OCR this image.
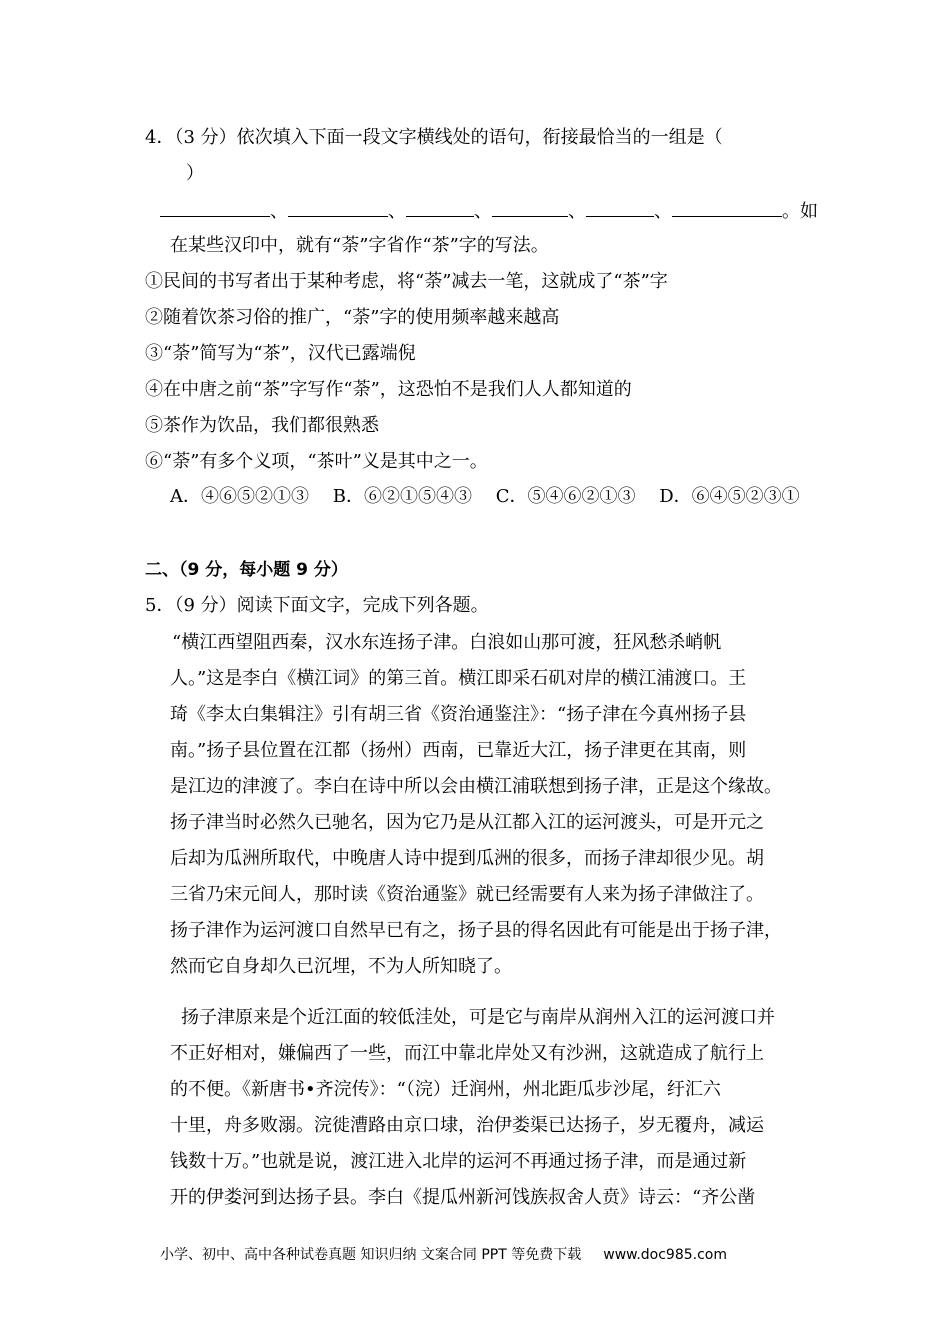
4．（3 分）依次填入下面一段文字横线处的语句，衔接最恰当的一组是（
）
、	、	、	、	、	。如
在某些汉印中，就有“荼”字省作“茶”字的写法。
①民间的书写者出于某种考虑，将“荼”减去一笔，这就成了“茶”字
②随着饮茶习俗的推广，“荼”字的使用频率越来越高
③“荼”简写为“茶”，汉代已露端倪
④在中唐之前“茶”字写作“荼”，这恐怕不是我们人人都知道的
⑤茶作为饮品，我们都很熟悉
⑥“荼”有多个义项，“茶叶”义是其中之一。
A．④⑥⑤②①③ B．⑥②①⑤④③ C．⑤④⑥②①③ D．⑥④⑤②③①
二、（9 分，每小题 9 分）
5．（9 分）阅读下面文字，完成下列各题。
“横江西望阻西秦，汉水东连扬子津。白浪如山那可渡，狂风愁杀峭帆
人。”这是李白《横江词》的第三首。横江即采石矶对岸的横江浦渡口。王
琦《李太白集辑注》引有胡三省《资治通鉴注》：“扬子津在今真州扬子县
南。”扬子县位置在江都（扬州）西南，已靠近大江，扬子津更在其南，则
是江边的津渡了。李白在诗中所以会由横江浦联想到扬子津，正是这个缘故。
扬子津当时必然久已驰名，因为它乃是从江都入江的运河渡头，可是开元之
后却为瓜洲所取代，中晚唐人诗中提到瓜洲的很多，而扬子津却很少见。胡
三省乃宋元间人，那时读《资治通鉴》就已经需要有人来为扬子津做注了。
扬子津作为运河渡口自然早已有之，扬子县的得名因此有可能是出于扬子津，
然而它自身却久已沉埋，不为人所知晓了。
扬子津原来是个近江面的较低洼处，可是它与南岸从润州入江的运河渡口并
不正好相对，嫌偏西了一些，而江中靠北岸处又有沙洲，这就造成了航行上
的不便。《新唐书•齐浣传》：“（浣）迁润州，州北距瓜步沙尾，纡汇六
十里，舟多败溺。浣徙漕路由京口埭，治伊娄渠已达扬子，岁无覆舟，减运
钱数十万。”也就是说，渡江进入北岸的运河不再通过扬子津，而是通过新
开的伊娄河到达扬子县。李白《提瓜州新河饯族叔舍人贲》诗云：“齐公凿
小学、初中、高中各种试卷真题 知识归纳 文案合同 PPT 等免费下载 www.doc985.com
